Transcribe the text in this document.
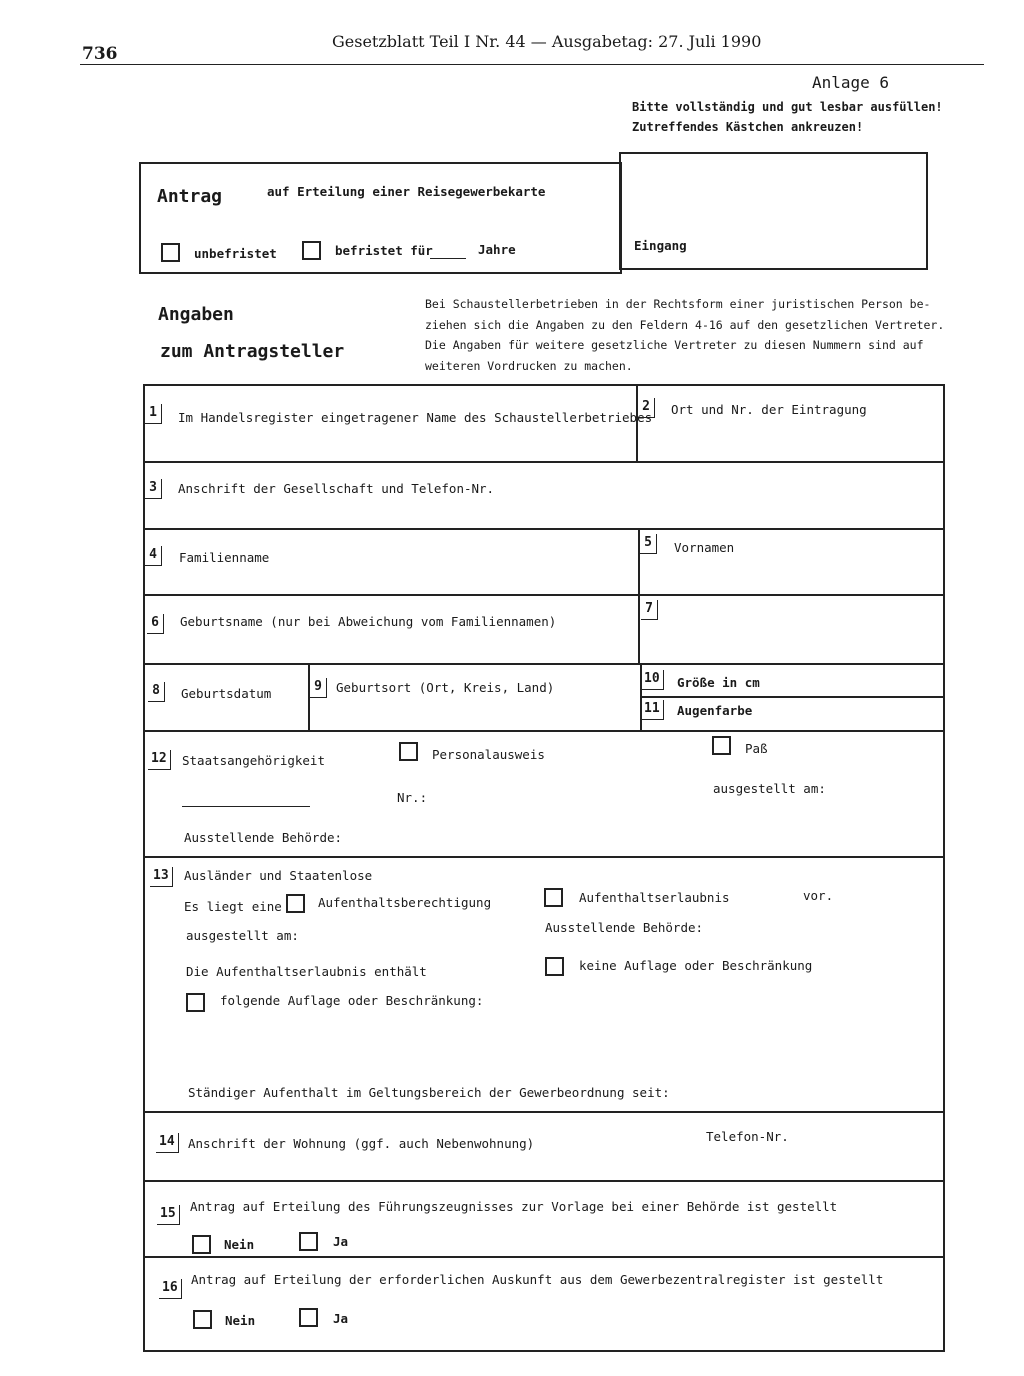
736
Gesetzblatt Teil I Nr. 44 — Ausgabetag: 27. Juli 1990
Anlage 6
Bitte vollständig und gut lesbar ausfüllen!
Zutreffendes Kästchen ankreuzen!
Antrag	auf Erteilung einer Reisegewerbekarte
unbefristet	befristet für	Jahre	Eingang
Angaben
zum Antragsteller
Bei Schaustellerbetrieben in der Rechtsform einer juristischen Person be-
ziehen sich die Angaben zu den Feldern 4-16 auf den gesetzlichen Vertreter.
Die Angaben für weitere gesetzliche Vertreter zu diesen Nummern sind auf
weiteren Vordrucken zu machen.
1	Im Handelsregister eingetragener Name des Schaustellerbetriebes
2	Ort und Nr. der Eintragung
3	Anschrift der Gesellschaft und Telefon-Nr.
4	Familienname
5	Vornamen
6	Geburtsname (nur bei Abweichung vom Familiennamen)
7
8	Geburtsdatum	9	Geburtsort (Ort, Kreis, Land)
10	Größe in cm
11	Augenfarbe
12	Staatsangehörigkeit	Personalausweis	Paß
Nr.:
ausgestellt am:
Ausstellende Behörde:
13	Ausländer und Staatenlose
Es liegt eine	Aufenthaltsberechtigung	Aufenthaltserlaubnis	vor.
ausgestellt am:
Ausstellende Behörde:
Die Aufenthaltserlaubnis enthält	keine Auflage oder Beschränkung
folgende Auflage oder Beschränkung:
Ständiger Aufenthalt im Geltungsbereich der Gewerbeordnung seit:
14	Anschrift der Wohnung (ggf. auch Nebenwohnung)	Telefon-Nr.
15	Antrag auf Erteilung des Führungszeugnisses zur Vorlage bei einer Behörde ist gestellt
Nein	Ja
16
Antrag auf Erteilung der erforderlichen Auskunft aus dem Gewerbezentralregister ist gestellt
Nein	Ja
